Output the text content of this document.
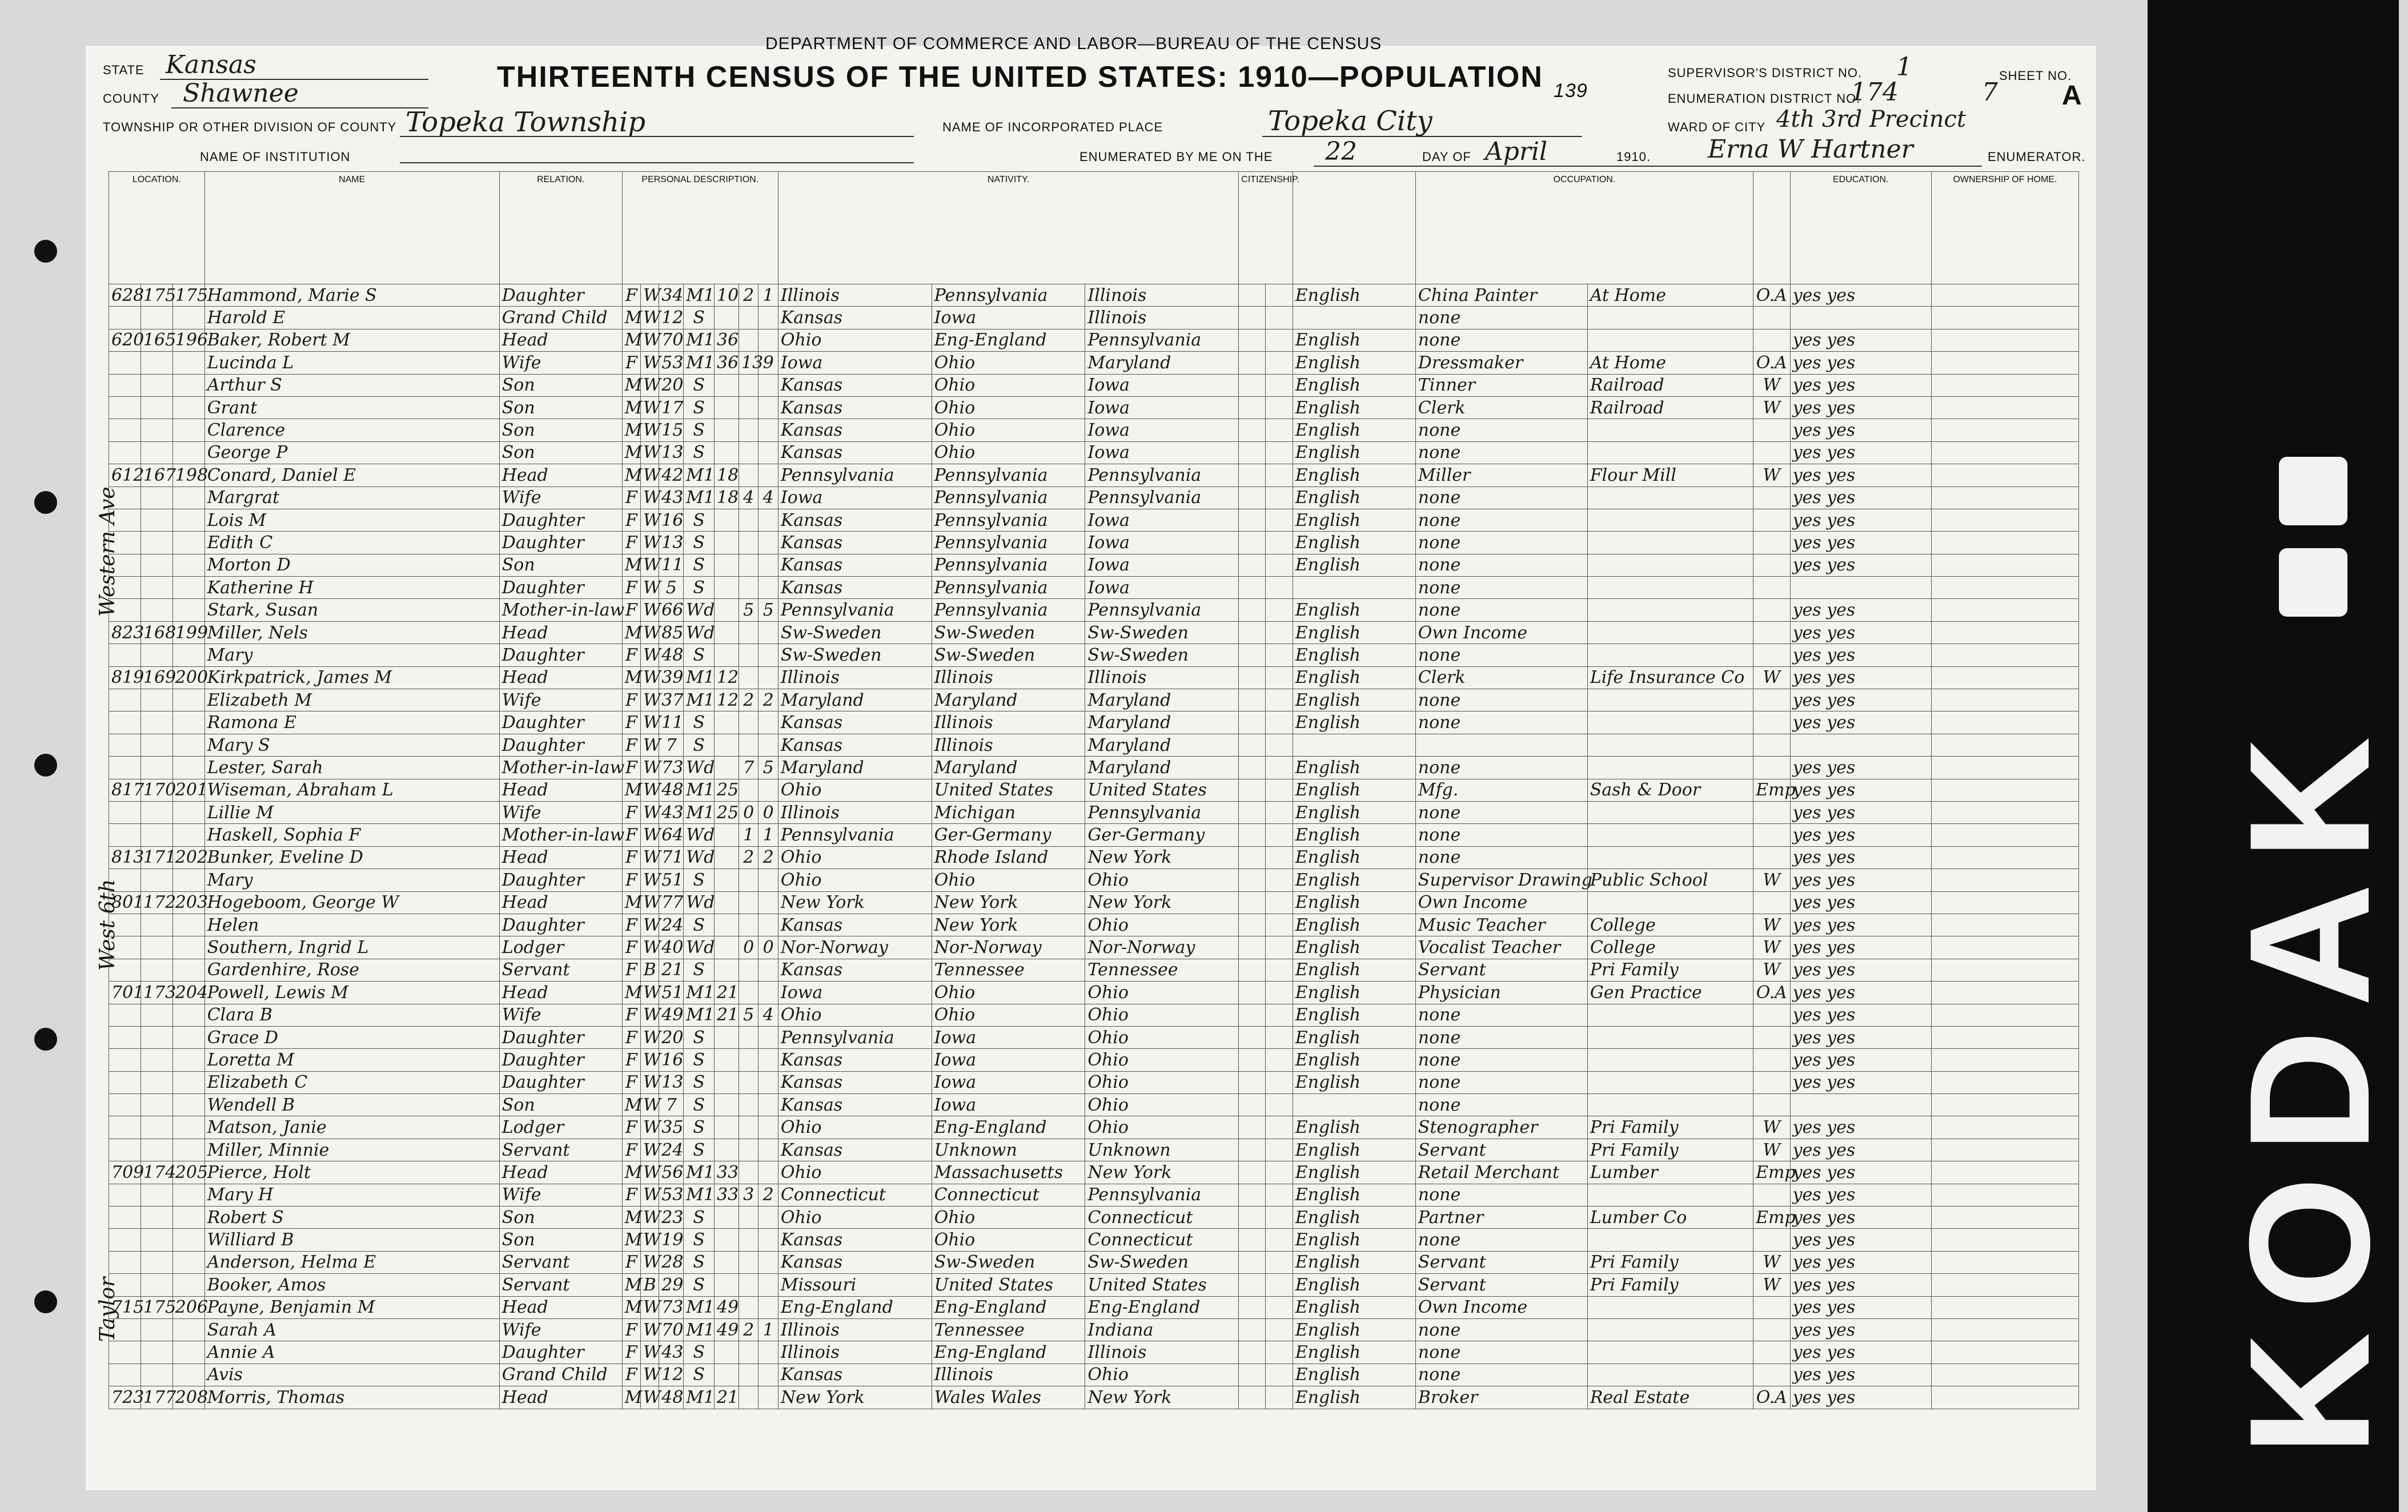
DEPARTMENT OF COMMERCE AND LABOR—BUREAU OF THE CENSUS
THIRTEENTH CENSUS OF THE UNITED STATES: 1910—POPULATION 139
STATE Kansas
COUNTY Shawnee
TOWNSHIP OR OTHER DIVISION OF COUNTY Topeka Township
NAME OF INSTITUTION
NAME OF INCORPORATED PLACE	Topeka City
ENUMERATED BY ME ON THE 22	DAY OF April	1910. Erna W Hartner	ENUMERATOR.
SUPERVISOR'S DISTRICT NO. 1	SHEET NO.
ENUMERATION DISTRICT NO.
174	7 A
WARD OF CITY 4th 3rd Precinct
Western Ave
West 6th
Taylor
LOCATION.			NAME	RELATION.	PERSONAL DESCRIPTION.							NATIVITY.			CITIZENSHIP.			OCCUPATION.			EDUCATION.	OWNERSHIP OF HOME.
628	175	175	Hammond, Marie S	Daughter	F	W	34	M1	10	2	1	Illinois	Pennsylvania	Illinois			English	China Painter	At Home	O.A	yes yes	
			Harold E	Grand Child	M	W	12	S				Kansas	Iowa	Illinois				none				
620	165	196	Baker, Robert M	Head	M	W	70	M1	36			Ohio	Eng-England	Pennsylvania			English	none			yes yes	
			Lucinda L	Wife	F	W	53	M1	36	13	9	Iowa	Ohio	Maryland			English	Dressmaker	At Home	O.A	yes yes	
			Arthur S	Son	M	W	20	S				Kansas	Ohio	Iowa			English	Tinner	Railroad	W	yes yes	
			Grant	Son	M	W	17	S				Kansas	Ohio	Iowa			English	Clerk	Railroad	W	yes yes	
			Clarence	Son	M	W	15	S				Kansas	Ohio	Iowa			English	none			yes yes	
			George P	Son	M	W	13	S				Kansas	Ohio	Iowa			English	none			yes yes	
612	167	198	Conard, Daniel E	Head	M	W	42	M1	18			Pennsylvania	Pennsylvania	Pennsylvania			English	Miller	Flour Mill	W	yes yes	
			Margrat	Wife	F	W	43	M1	18	4	4	Iowa	Pennsylvania	Pennsylvania			English	none			yes yes	
			Lois M	Daughter	F	W	16	S				Kansas	Pennsylvania	Iowa			English	none			yes yes	
			Edith C	Daughter	F	W	13	S				Kansas	Pennsylvania	Iowa			English	none			yes yes	
			Morton D	Son	M	W	11	S				Kansas	Pennsylvania	Iowa			English	none			yes yes	
			Katherine H	Daughter	F	W	5	S				Kansas	Pennsylvania	Iowa				none				
			Stark, Susan	Mother-in-law	F	W	66	Wd		5	5	Pennsylvania	Pennsylvania	Pennsylvania			English	none			yes yes	
823	168	199	Miller, Nels	Head	M	W	85	Wd				Sw-Sweden	Sw-Sweden	Sw-Sweden			English	Own Income			yes yes	
			Mary	Daughter	F	W	48	S				Sw-Sweden	Sw-Sweden	Sw-Sweden			English	none			yes yes	
819	169	200	Kirkpatrick, James M	Head	M	W	39	M1	12			Illinois	Illinois	Illinois			English	Clerk	Life Insurance Co	W	yes yes	
			Elizabeth M	Wife	F	W	37	M1	12	2	2	Maryland	Maryland	Maryland			English	none			yes yes	
			Ramona E	Daughter	F	W	11	S				Kansas	Illinois	Maryland			English	none			yes yes	
			Mary S	Daughter	F	W	7	S				Kansas	Illinois	Maryland								
			Lester, Sarah	Mother-in-law	F	W	73	Wd		7	5	Maryland	Maryland	Maryland			English	none			yes yes	
817	170	201	Wiseman, Abraham L	Head	M	W	48	M1	25			Ohio	United States	United States			English	Mfg.	Sash & Door	Emp	yes yes	
			Lillie M	Wife	F	W	43	M1	25	0	0	Illinois	Michigan	Pennsylvania			English	none			yes yes	
			Haskell, Sophia F	Mother-in-law	F	W	64	Wd		1	1	Pennsylvania	Ger-Germany	Ger-Germany			English	none			yes yes	
813	171	202	Bunker, Eveline D	Head	F	W	71	Wd		2	2	Ohio	Rhode Island	New York			English	none			yes yes	
			Mary	Daughter	F	W	51	S				Ohio	Ohio	Ohio			English	Supervisor Drawing	Public School	W	yes yes	
801	172	203	Hogeboom, George W	Head	M	W	77	Wd				New York	New York	New York			English	Own Income			yes yes	
			Helen	Daughter	F	W	24	S				Kansas	New York	Ohio			English	Music Teacher	College	W	yes yes	
			Southern, Ingrid L	Lodger	F	W	40	Wd		0	0	Nor-Norway	Nor-Norway	Nor-Norway			English	Vocalist Teacher	College	W	yes yes	
			Gardenhire, Rose	Servant	F	B	21	S				Kansas	Tennessee	Tennessee			English	Servant	Pri Family	W	yes yes	
701	173	204	Powell, Lewis M	Head	M	W	51	M1	21			Iowa	Ohio	Ohio			English	Physician	Gen Practice	O.A	yes yes	
			Clara B	Wife	F	W	49	M1	21	5	4	Ohio	Ohio	Ohio			English	none			yes yes	
			Grace D	Daughter	F	W	20	S				Pennsylvania	Iowa	Ohio			English	none			yes yes	
			Loretta M	Daughter	F	W	16	S				Kansas	Iowa	Ohio			English	none			yes yes	
			Elizabeth C	Daughter	F	W	13	S				Kansas	Iowa	Ohio			English	none			yes yes	
			Wendell B	Son	M	W	7	S				Kansas	Iowa	Ohio				none				
			Matson, Janie	Lodger	F	W	35	S				Ohio	Eng-England	Ohio			English	Stenographer	Pri Family	W	yes yes	
			Miller, Minnie	Servant	F	W	24	S				Kansas	Unknown	Unknown			English	Servant	Pri Family	W	yes yes	
709	174	205	Pierce, Holt	Head	M	W	56	M1	33			Ohio	Massachusetts	New York			English	Retail Merchant	Lumber	Emp	yes yes	
			Mary H	Wife	F	W	53	M1	33	3	2	Connecticut	Connecticut	Pennsylvania			English	none			yes yes	
			Robert S	Son	M	W	23	S				Ohio	Ohio	Connecticut			English	Partner	Lumber Co	Emp	yes yes	
			Williard B	Son	M	W	19	S				Kansas	Ohio	Connecticut			English	none			yes yes	
			Anderson, Helma E	Servant	F	W	28	S				Kansas	Sw-Sweden	Sw-Sweden			English	Servant	Pri Family	W	yes yes	
			Booker, Amos	Servant	M	B	29	S				Missouri	United States	United States			English	Servant	Pri Family	W	yes yes	
715	175	206	Payne, Benjamin M	Head	M	W	73	M1	49			Eng-England	Eng-England	Eng-England			English	Own Income			yes yes	
			Sarah A	Wife	F	W	70	M1	49	2	1	Illinois	Tennessee	Indiana			English	none			yes yes	
			Annie A	Daughter	F	W	43	S				Illinois	Eng-England	Illinois			English	none			yes yes	
			Avis	Grand Child	F	W	12	S				Kansas	Illinois	Ohio			English	none			yes yes	
723	177	208	Morris, Thomas	Head	M	W	48	M1	21			New York	Wales Wales	New York			English	Broker	Real Estate	O.A	yes yes	KODAK
